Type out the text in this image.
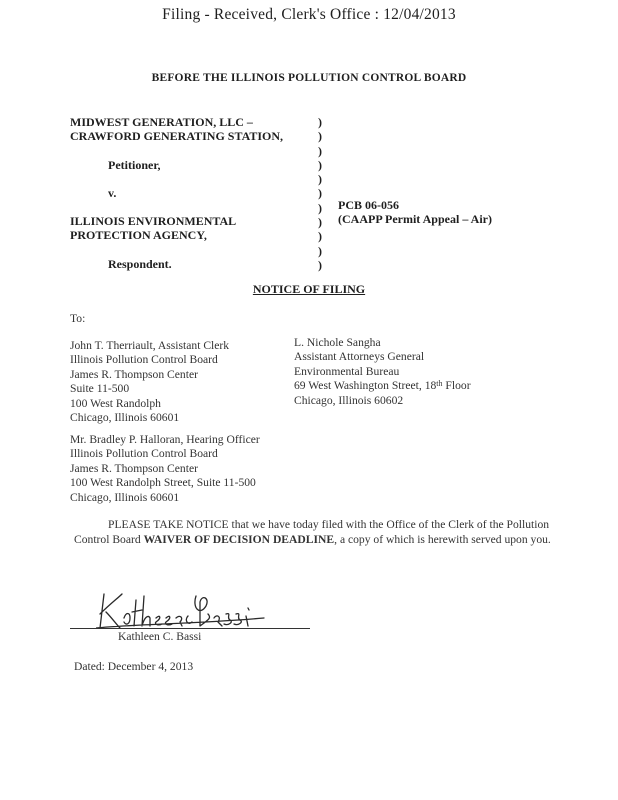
Filing - Received, Clerk's Office : 12/04/2013
BEFORE THE ILLINOIS POLLUTION CONTROL BOARD
MIDWEST GENERATION, LLC –
CRAWFORD GENERATING STATION,
Petitioner,
v.
ILLINOIS ENVIRONMENTAL
PROTECTION AGENCY,
Respondent.
)
)
)
)
)
)
)
)
)
)
)
PCB 06-056
(CAAPP Permit Appeal – Air)
NOTICE OF FILING
To:
John T. Therriault, Assistant Clerk
Illinois Pollution Control Board
James R. Thompson Center
Suite 11-500
100 West Randolph
Chicago, Illinois 60601
L. Nichole Sangha
Assistant Attorneys General
Environmental Bureau
69 West Washington Street, 18th Floor
Chicago, Illinois 60602
Mr. Bradley P. Halloran, Hearing Officer
Illinois Pollution Control Board
James R. Thompson Center
100 West Randolph Street, Suite 11-500
Chicago, Illinois 60601
PLEASE TAKE NOTICE that we have today filed with the Office of the Clerk of the Pollution Control Board WAIVER OF DECISION DEADLINE, a copy of which is herewith served upon you.
Kathleen C. Bassi
Dated: December 4, 2013
